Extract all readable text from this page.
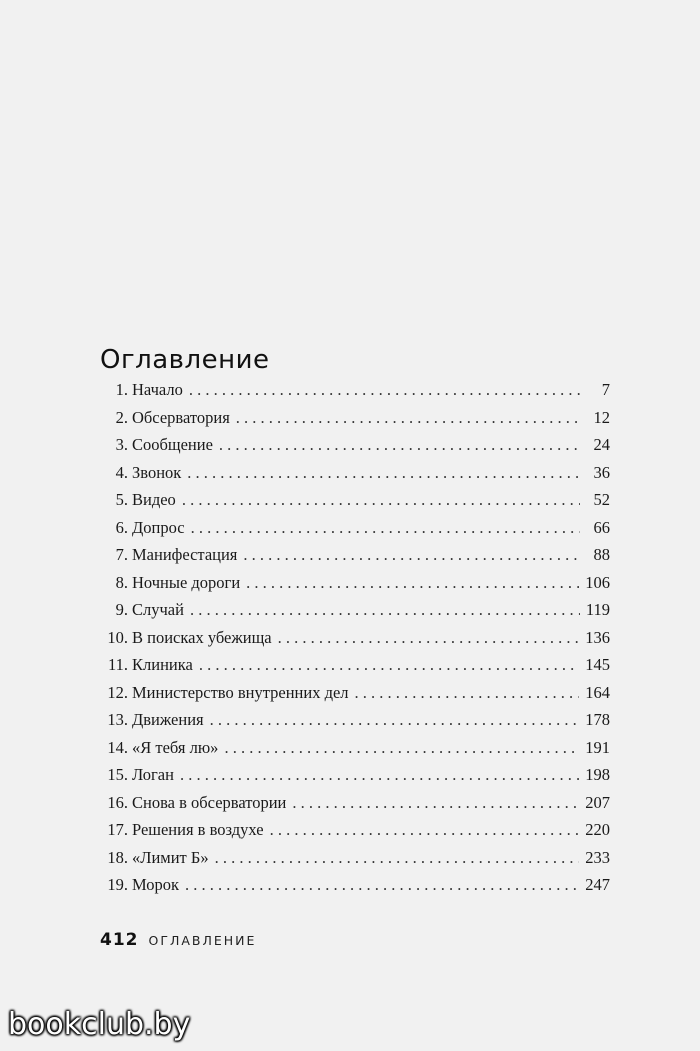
Оглавление
1. Начало . . .	7
2. Обсерватория . . .	12
3. Сообщение . . .	24
4. Звонок . . .	36
5. Видео . . .	52
6. Допрос . . .	66
7. Манифестация . . .	88
8. Ночные дороги . . .	106
9. Случай . . .	119
10. В поисках убежища . . .	136
11. Клиника . . .	145
12. Министерство внутренних дел . . .	164
13. Движения . . .	178
14. «Я тебя лю» . . .	191
15. Логан . . .	198
16. Снова в обсерватории . . .	207
17. Решения в воздухе . . .	220
18. «Лимит Б» . . .	233
19. Морок . . .	247
412 ОГЛАВЛЕНИЕ
bookclub.by
